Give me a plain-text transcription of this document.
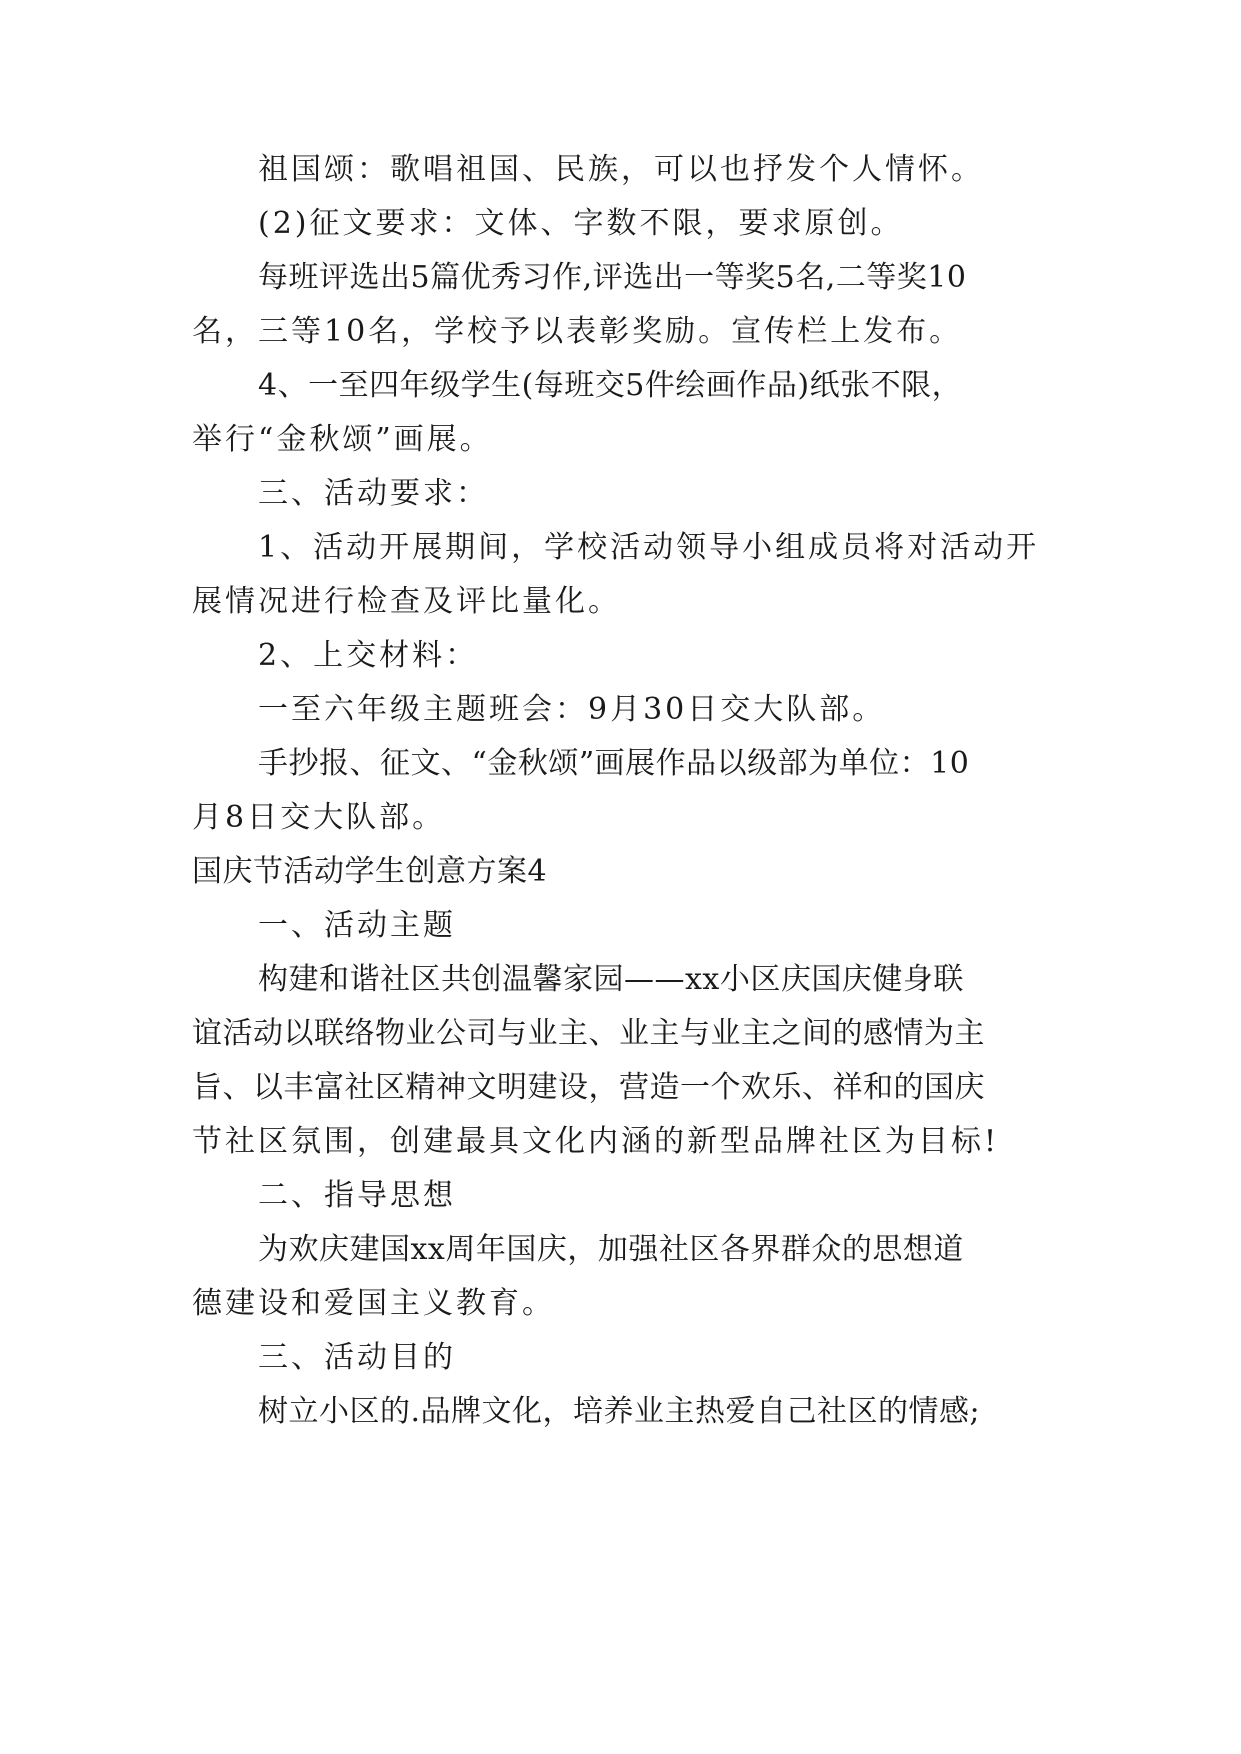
祖国颂：歌唱祖国、民族，可以也抒发个人情怀。
(2)征文要求：文体、字数不限，要求原创。
每班评选出5篇优秀习作,评选出一等奖5名,二等奖10
名，三等10名，学校予以表彰奖励。宣传栏上发布。
4、一至四年级学生(每班交5件绘画作品)纸张不限，
举行“金秋颂”画展。
三、活动要求：
1、活动开展期间，学校活动领导小组成员将对活动开
展情况进行检查及评比量化。
2、上交材料：
一至六年级主题班会：9月30日交大队部。
手抄报、征文、“金秋颂”画展作品以级部为单位：10
月8日交大队部。
国庆节活动学生创意方案4
一、活动主题
构建和谐社区共创温馨家园——xx小区庆国庆健身联
谊活动以联络物业公司与业主、业主与业主之间的感情为主
旨、以丰富社区精神文明建设，营造一个欢乐、祥和的国庆
节社区氛围，创建最具文化内涵的新型品牌社区为目标!
二、指导思想
为欢庆建国xx周年国庆，加强社区各界群众的思想道
德建设和爱国主义教育。
三、活动目的
树立小区的.品牌文化，培养业主热爱自己社区的情感;
